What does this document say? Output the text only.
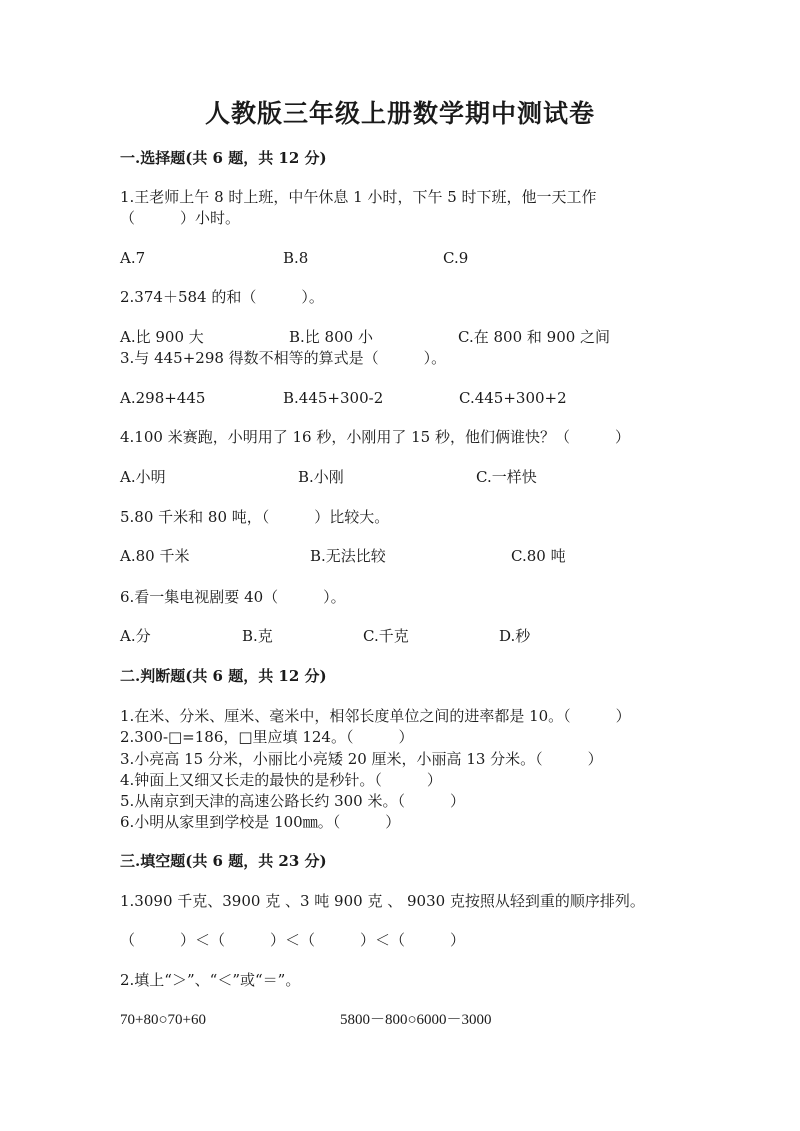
人教版三年级上册数学期中测试卷
一.选择题(共 6 题，共 12 分)
1.王老师上午 8 时上班，中午休息 1 小时，下午 5 时下班，他一天工作
（　　　）小时。
A.7	B.8	C.9
2.374＋584 的和（　　　）。
A.比 900 大	B.比 800 小	C.在 800 和 900 之间
3.与 445+298 得数不相等的算式是（　　　）。
A.298+445	B.445+300-2	C.445+300+2
4.100 米赛跑，小明用了 16 秒，小刚用了 15 秒，他们俩谁快？（　　　）
A.小明	B.小刚	C.一样快
5.80 千米和 80 吨，（　　　）比较大。
A.80 千米	B.无法比较	C.80 吨
6.看一集电视剧要 40（　　　）。
A.分	B.克	C.千克	D.秒
二.判断题(共 6 题，共 12 分)
1.在米、分米、厘米、毫米中，相邻长度单位之间的进率都是 10。（　　　）
2.300-□=186，□里应填 124。（　　　）
3.小亮高 15 分米，小丽比小亮矮 20 厘米，小丽高 13 分米。（　　　）
4.钟面上又细又长走的最快的是秒针。（　　　）
5.从南京到天津的高速公路长约 300 米。（　　　）
6.小明从家里到学校是 100㎜。（　　　）
三.填空题(共 6 题，共 23 分)
1.3090 千克、3900 克 、3 吨 900 克 、 9030 克按照从轻到重的顺序排列。
（　　　）＜（　　　）＜（　　　）＜（　　　）
2.填上“＞”、“＜”或“＝”。
70+80○70+60	5800－800○6000－3000
